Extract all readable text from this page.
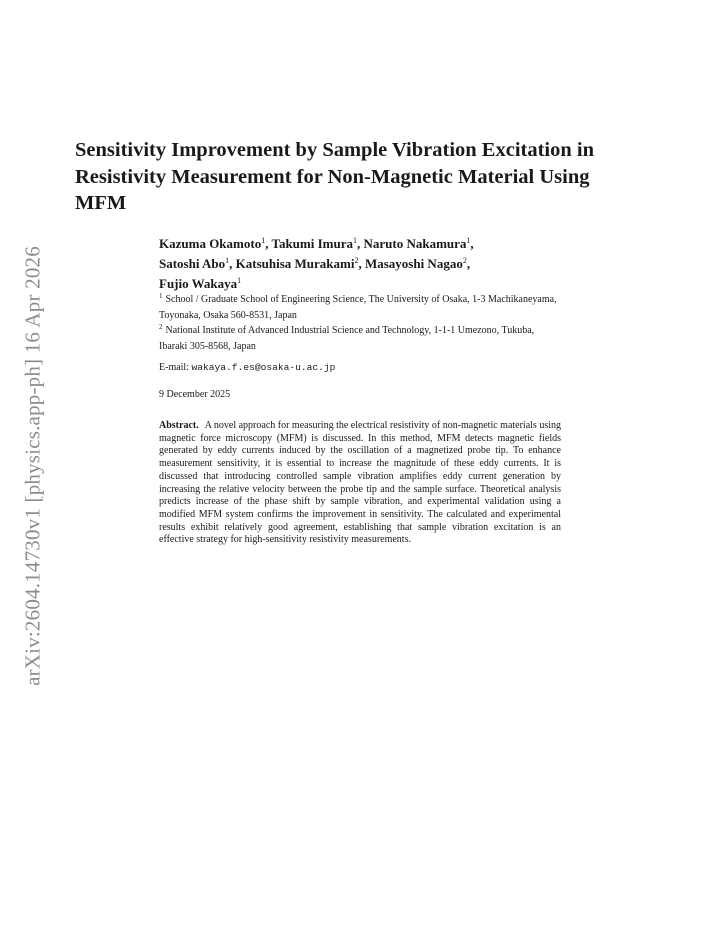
arXiv:2604.14730v1 [physics.app-ph] 16 Apr 2026
Sensitivity Improvement by Sample Vibration Excitation in Resistivity Measurement for Non-Magnetic Material Using MFM
Kazuma Okamoto$^1$, Takumi Imura$^1$, Naruto Nakamura$^1$,
Satoshi Abo$^1$, Katsuhisa Murakami$^2$, Masayoshi Nagao$^2$,
Fujio Wakaya$^1$

$^1$ School / Graduate School of Engineering Science, The University of Osaka, 1-3 Machikaneyama, Toyonaka, Osaka 560-8531, Japan

$^2$ National Institute of Advanced Industrial Science and Technology, 1-1-1 Umezono, Tukuba, Ibaraki 305-8568, Japan

E-mail: wakaya.f.es@osaka-u.ac.jp
9 December 2025
Abstract. A novel approach for measuring the electrical resistivity of non-magnetic materials using magnetic force microscopy (MFM) is discussed. In this method, MFM detects magnetic fields generated by eddy currents induced by the oscillation of a magnetized probe tip. To enhance measurement sensitivity, it is essential to increase the magnitude of these eddy currents. It is discussed that introducing controlled sample vibration amplifies eddy current generation by increasing the relative velocity between the probe tip and the sample surface. Theoretical analysis predicts increase of the phase shift by sample vibration, and experimental validation using a modified MFM system confirms the improvement in sensitivity. The calculated and experimental results exhibit relatively good agreement, establishing that sample vibration excitation is an effective strategy for high-sensitivity resistivity measurements.
